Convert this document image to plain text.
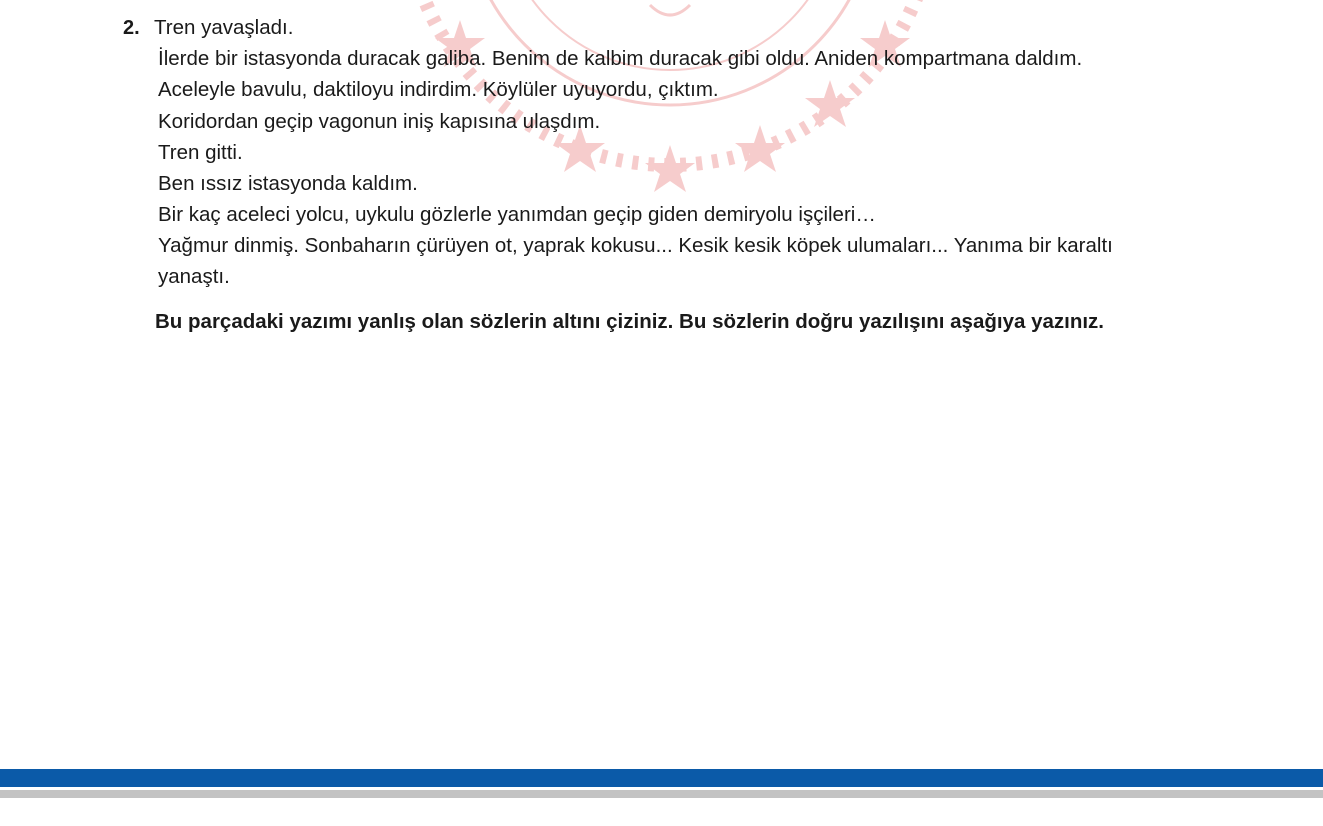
2. Tren yavaşladı.
İlerde bir istasyonda duracak galiba. Benim de kalbim duracak gibi oldu. Aniden kompartmana daldım.
Aceleyle bavulu, daktiloyu indirdim. Köylüler uyuyordu, çıktım.
Koridordan geçip vagonun iniş kapısına ulaşdım.
Tren gitti.
Ben ıssız istasyonda kaldım.
Bir kaç aceleci yolcu, uykulu gözlerle yanımdan geçip giden demiryolu işçileri…
Yağmur dinmiş. Sonbaharın çürüyen ot, yaprak kokusu... Kesik kesik köpek ulumaları... Yanıma bir karaltı
yanaştı.
Bu parçadaki yazımı yanlış olan sözlerin altını çiziniz. Bu sözlerin doğru yazılışını aşağıya yazınız.
